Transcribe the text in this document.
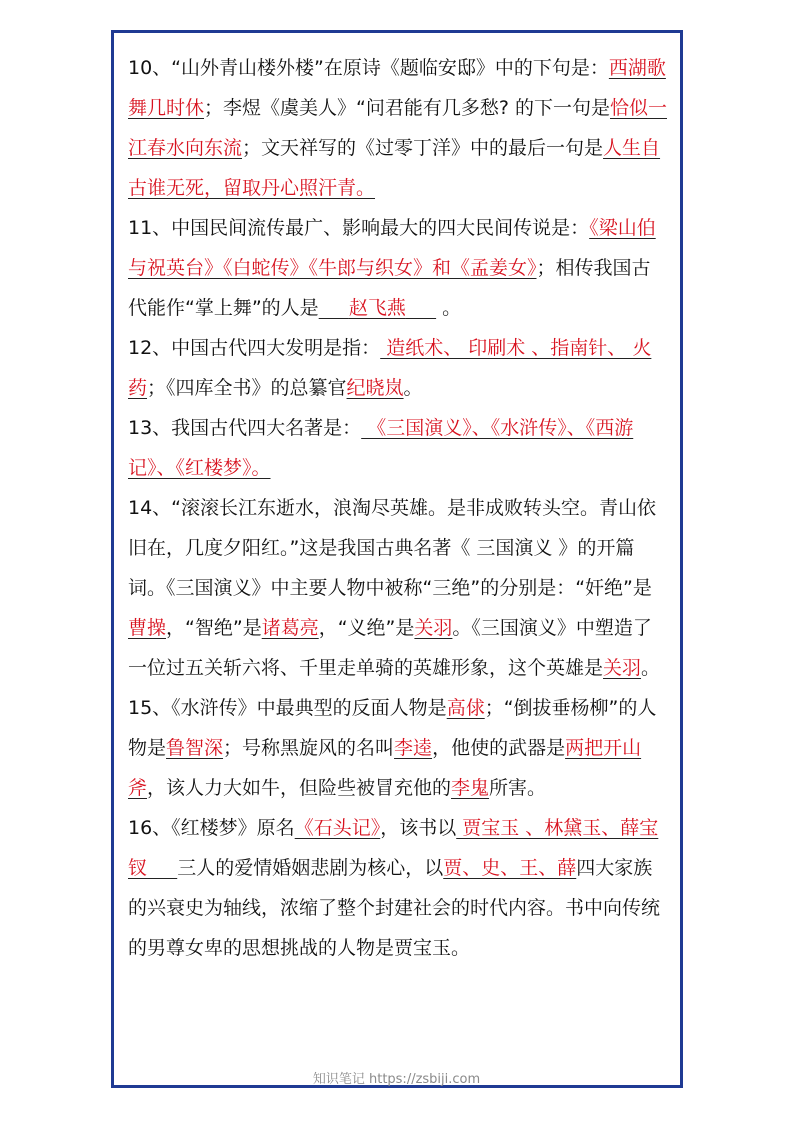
10、“山外青山楼外楼”在原诗《题临安邸》中的下句是：西湖歌舞几时休；李煜《虞美人》“问君能有几多愁? 的下一句是恰似一江春水向东流；文天祥写的《过零丁洋》中的最后一句是人生自古谁无死，留取丹心照汗青。

11、中国民间流传最广、影响最大的四大民间传说是：《梁山伯与祝英台》《白蛇传》《牛郎与织女》和《孟姜女》；相传我国古代能作“掌上舞”的人是 赵飞燕      。

12、中国古代四大发明是指： 造纸术、 印刷术 、指南针、 火药；《四库全书》的总纂官纪晓岚。

13、我国古代四大名著是： 《三国演义》、《水浒传》、《西游记》、《红楼梦》。

14、“滚滚长江东逝水，浪淘尽英雄。是非成败转头空。青山依旧在，几度夕阳红。”这是我国古典名著《 三国演义 》的开篇词。《三国演义》中主要人物中被称“三绝”的分别是：“奸绝”是 曹操，“智绝”是诸葛亮，“义绝”是关羽。《三国演义》中塑造了一位过五关斩六将、千里走单骑的英雄形象，这个英雄是关羽。

15、《水浒传》中最典型的反面人物是高俅；“倒拔垂杨柳”的人物是鲁智深；号称黑旋风的名叫李逵，他使的武器是两把开山斧，该人力大如牛，但险些被冒充他的李鬼所害。

16、《红楼梦》原名《石头记》，该书以 贾宝玉 、林黛玉、薛宝钗 三人的爱情婚姻悲剧为核心，以贾、史、王、薛四大家族的兴衰史为轴线，浓缩了整个封建社会的时代内容。书中向传统的男尊女卑的思想挑战的人物是贾宝玉。

知识笔记 https://zsbiji.com
